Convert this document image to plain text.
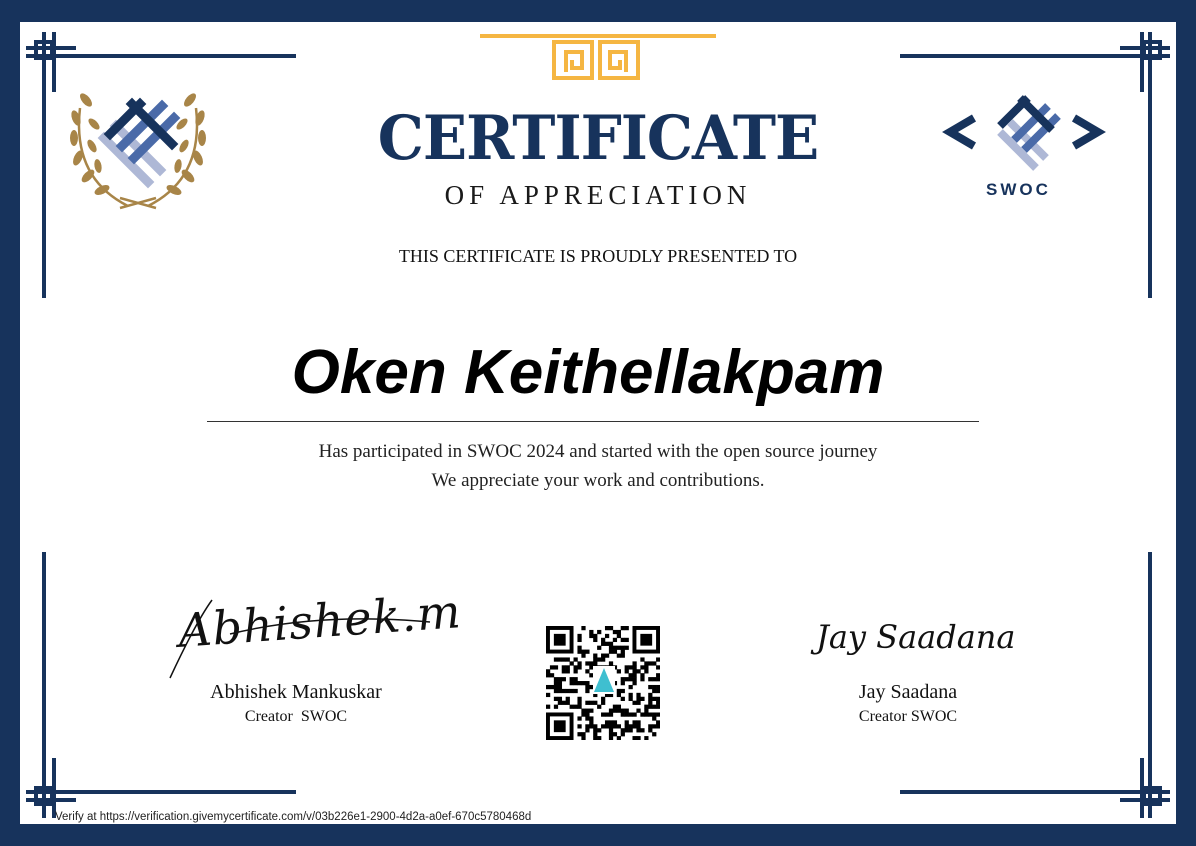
SWOC
CERTIFICATE
OF APPRECIATION
THIS CERTIFICATE IS PROUDLY PRESENTED TO
Oken Keithellakpam
Has participated in SWOC 2024 and started with the open source journey
We appreciate your work and contributions.
Abhishek.m
Abhishek Mankuskar
Creator  SWOC
Jay Saadana
Jay Saadana
Creator SWOC
Verify at https://verification.givemycertificate.com/v/03b226e1-2900-4d2a-a0ef-670c5780468d
